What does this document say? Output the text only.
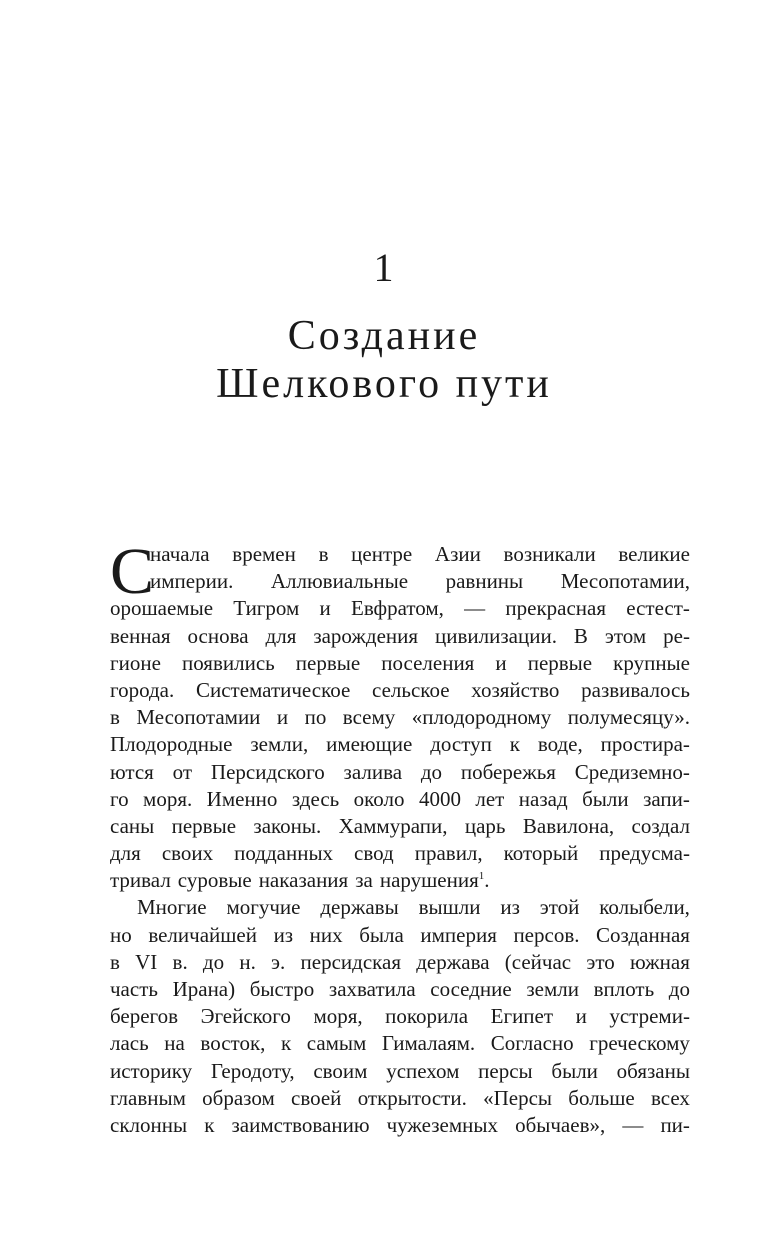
1
Создание
Шелкового пути
С
начала времен в центре Азии возникали великие
империи. Аллювиальные равнины Месопотамии,
орошаемые Тигром и Евфратом, — прекрасная естест-
венная основа для зарождения цивилизации. В этом ре-
гионе появились первые поселения и первые крупные
города. Систематическое сельское хозяйство развивалось
в Месопотамии и по всему «плодородному полумесяцу».
Плодородные земли, имеющие доступ к воде, простира-
ются от Персидского залива до побережья Средиземно-
го моря. Именно здесь около 4000 лет назад были запи-
саны первые законы. Хаммурапи, царь Вавилона, создал
для своих подданных свод правил, который предусма-
тривал суровые наказания за нарушения$^1$.
Многие могучие державы вышли из этой колыбели,
но величайшей из них была империя персов. Созданная
в VI в. до н. э. персидская держава (сейчас это южная
часть Ирана) быстро захватила соседние земли вплоть до
берегов Эгейского моря, покорила Египет и устреми-
лась на восток, к самым Гималаям. Согласно греческому
историку Геродоту, своим успехом персы были обязаны
главным образом своей открытости. «Персы больше всех
склонны к заимствованию чужеземных обычаев», — пи-
